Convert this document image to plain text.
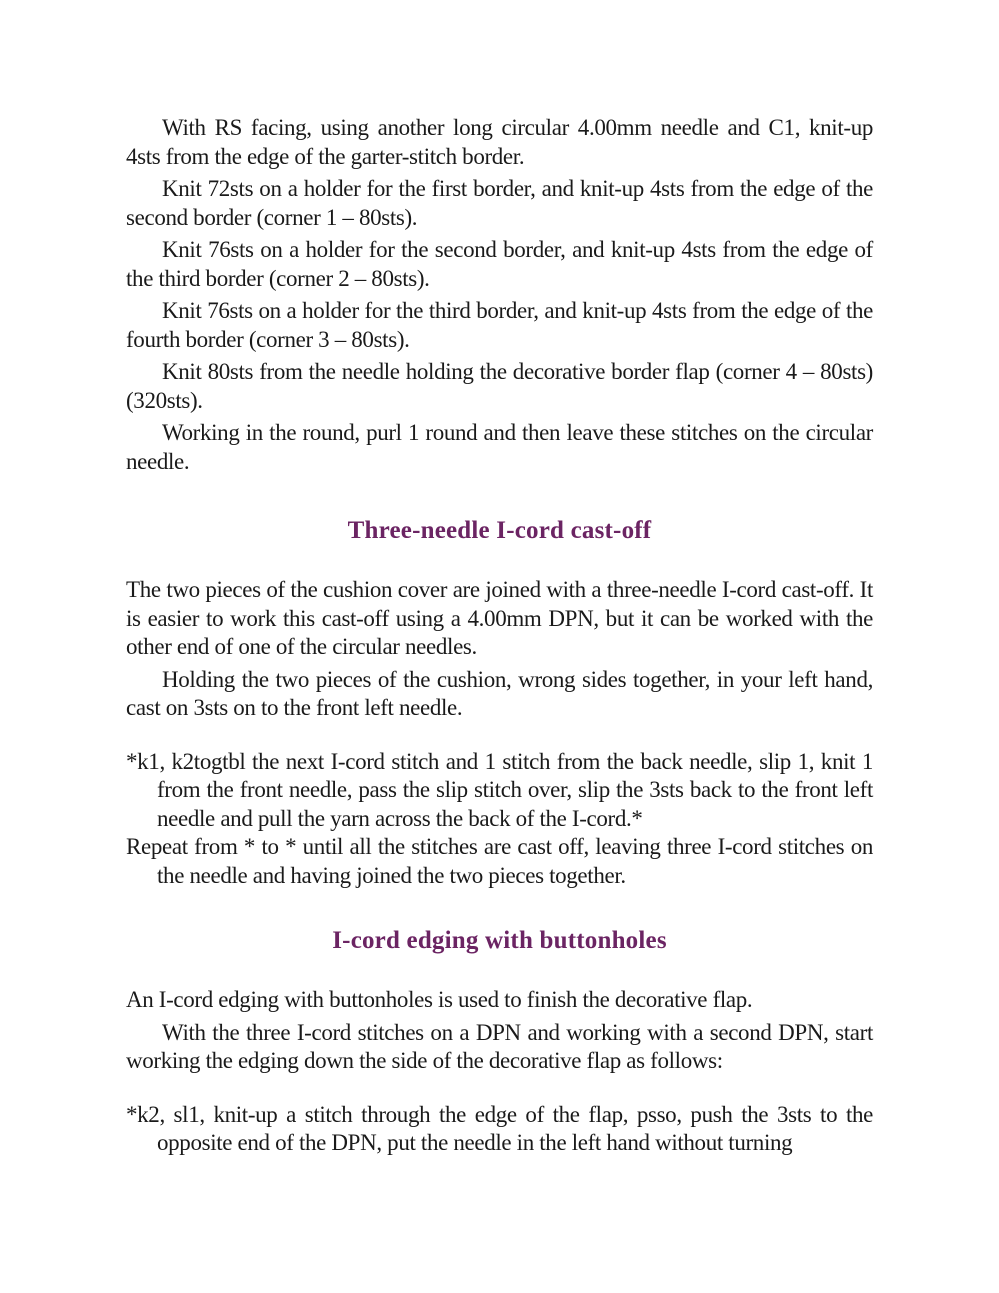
With RS facing, using another long circular 4.00mm needle and C1, knit-up 4sts from the edge of the garter-stitch border.

Knit 72sts on a holder for the first border, and knit-up 4sts from the edge of the second border (corner 1 – 80sts).

Knit 76sts on a holder for the second border, and knit-up 4sts from the edge of the third border (corner 2 – 80sts).

Knit 76sts on a holder for the third border, and knit-up 4sts from the edge of the fourth border (corner 3 – 80sts).

Knit 80sts from the needle holding the decorative border flap (corner 4 – 80sts) (320sts).

Working in the round, purl 1 round and then leave these stitches on the circular needle.

Three-needle I-cord cast-off

The two pieces of the cushion cover are joined with a three-needle I-cord cast-off. It is easier to work this cast-off using a 4.00mm DPN, but it can be worked with the other end of one of the circular needles.

Holding the two pieces of the cushion, wrong sides together, in your left hand, cast on 3sts on to the front left needle.

*k1, k2togtbl the next I-cord stitch and 1 stitch from the back needle, slip 1, knit 1 from the front needle, pass the slip stitch over, slip the 3sts back to the front left needle and pull the yarn across the back of the I-cord.*

Repeat from * to * until all the stitches are cast off, leaving three I-cord stitches on the needle and having joined the two pieces together.

I-cord edging with buttonholes

An I-cord edging with buttonholes is used to finish the decorative flap.

With the three I-cord stitches on a DPN and working with a second DPN, start working the edging down the side of the decorative flap as follows:

*k2, sl1, knit-up a stitch through the edge of the flap, psso, push the 3sts to the opposite end of the DPN, put the needle in the left hand without turning
